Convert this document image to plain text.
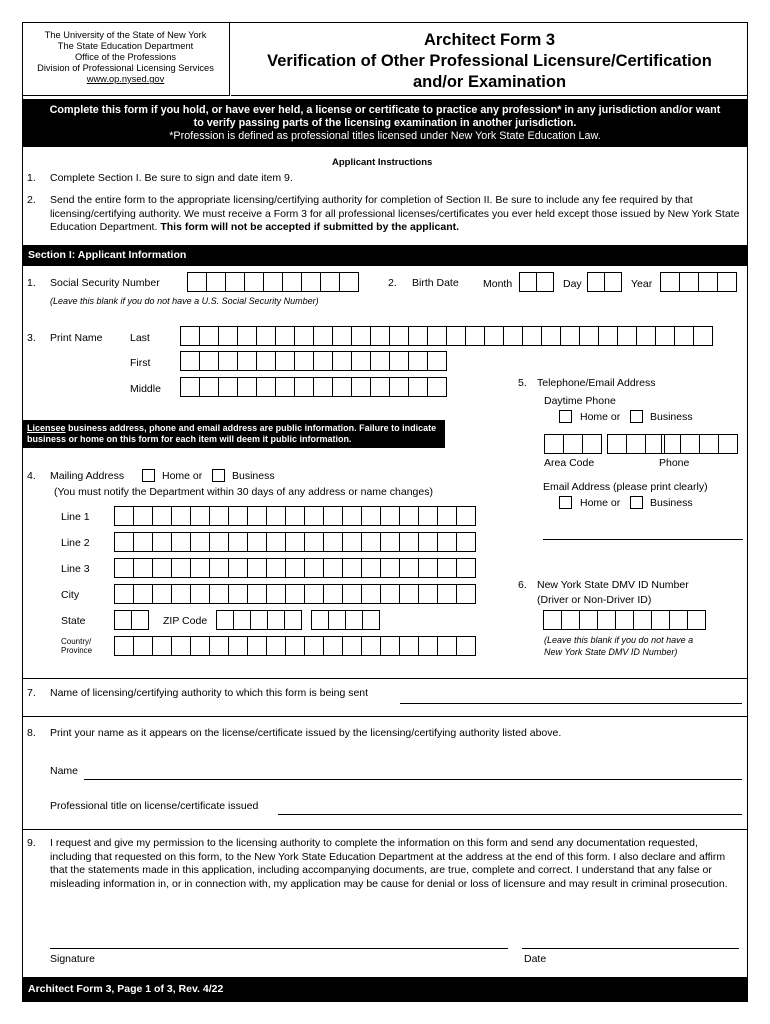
The University of the State of New York
The State Education Department
Office of the Professions
Division of Professional Licensing Services
www.op.nysed.gov
Architect Form 3
Verification of Other Professional Licensure/Certification
and/or Examination
Complete this form if you hold, or have ever held, a license or certificate to practice any profession* in any jurisdiction and/or want
to verify passing parts of the licensing examination in another jurisdiction.
*Profession is defined as professional titles licensed under New York State Education Law.
Applicant Instructions
1. Complete Section I. Be sure to sign and date item 9.
2. Send the entire form to the appropriate licensing/certifying authority for completion of Section II. Be sure to include any fee required by that licensing/certifying authority. We must receive a Form 3 for all professional licenses/certificates you ever held except those issued by New York State Education Department. This form will not be accepted if submitted by the applicant.
Section I: Applicant Information
1. Social Security Number
(Leave this blank if you do not have a U.S. Social Security Number)
2. Birth Date Month	Day	Year
3. Print Name	Last
First
Middle	5. Telephone/Email Address
Daytime Phone
Home or	Business
Area Code	Phone
Email Address (please print clearly)
Home or	Business
Licensee business address, phone and email address are public information. Failure to indicate business or home on this form for each item will deem it public information.
4. Mailing Address	Home or	Business
(You must notify the Department within 30 days of any address or name changes)
Line 1
Line 2
Line 3
City
State	ZIP Code
Country/
Province
6. New York State DMV ID Number
(Driver or Non-Driver ID)
(Leave this blank if you do not have a
New York State DMV ID Number)
7. Name of licensing/certifying authority to which this form is being sent
8. Print your name as it appears on the license/certificate issued by the licensing/certifying authority listed above.
Name
Professional title on license/certificate issued
9. I request and give my permission to the licensing authority to complete the information on this form and send any documentation requested, including that requested on this form, to the New York State Education Department at the address at the end of this form. I also declare and affirm that the statements made in this application, including accompanying documents, are true, complete and correct. I understand that any false or misleading information in, or in connection with, my application may be cause for denial or loss of licensure and may result in criminal prosecution.
Signature	Date
Architect Form 3, Page 1 of 3, Rev. 4/22
